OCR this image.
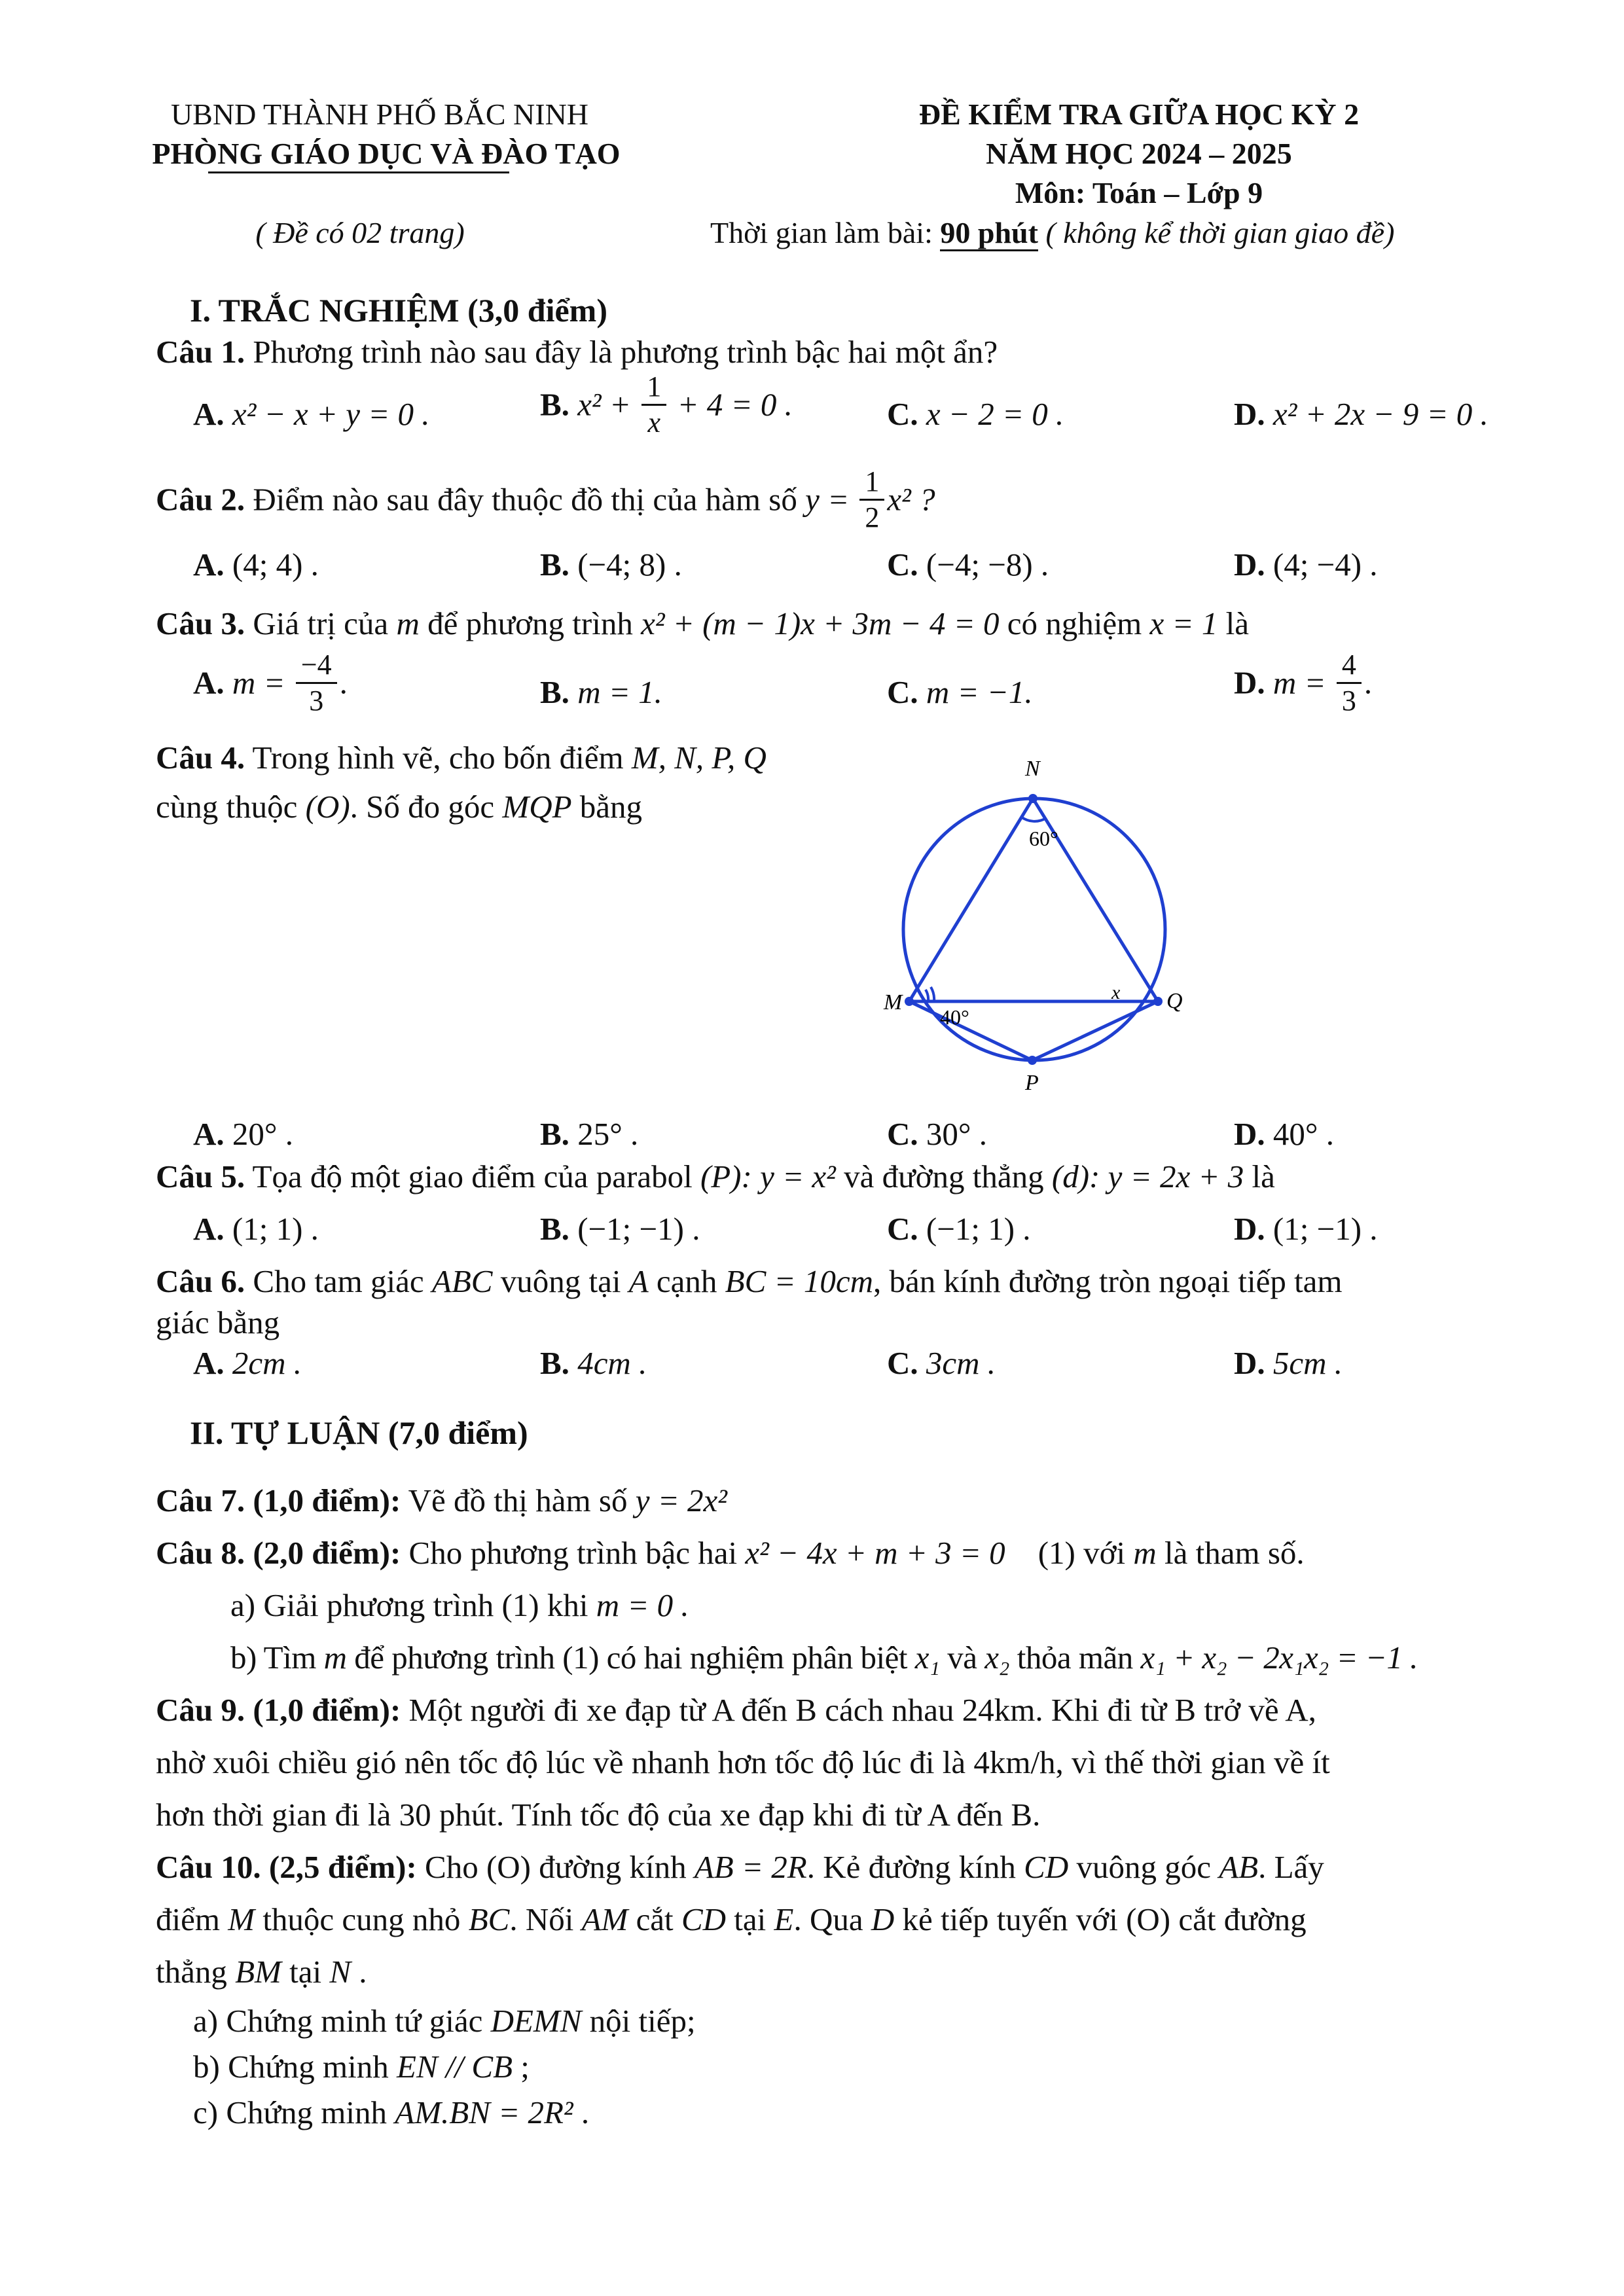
UBND THÀNH PHỐ BẮC NINH
PHÒNG GIÁO DỤC VÀ ĐÀO TẠO
( Đề có 02 trang)
ĐỀ KIỂM TRA GIỮA HỌC KỲ 2
NĂM HỌC 2024 – 2025
Môn: Toán – Lớp 9
Thời gian làm bài: 90 phút ( không kể thời gian giao đề)
I. TRẮC NGHIỆM (3,0 điểm)
Câu 1. Phương trình nào sau đây là phương trình bậc hai một ẩn?
A. x² − x + y = 0 .	B. $x^2 + \frac{1}{x} + 4 = 0$ .	C. x − 2 = 0 .	D. x² + 2x − 9 = 0 .
Câu 2. Điểm nào sau đây thuộc đồ thị của hàm số $y = \frac{1}{2} x^2$ ?
A. (4; 4) .	B. (−4; 8) .	C. (−4; −8) .	D. (4; −4) .
Câu 3. Giá trị của m để phương trình x² + (m − 1)x + 3m − 4 = 0 có nghiệm x = 1 là
A. $m = \frac{-4}{3}$ .	B. m = 1.	C. m = −1.	D. $m = \frac{4}{3}$ .
Câu 4. Trong hình vẽ, cho bốn điểm M, N, P, Q
cùng thuộc (O). Số đo góc MQP bằng
N
M	Q
P
60°
40°
x
A. 20° .	B. 25° .	C. 30° .	D. 40° .
Câu 5. Tọa độ một giao điểm của parabol (P): y = x² và đường thẳng (d): y = 2x + 3 là
A. (1; 1) .	B. (−1; −1) .	C. (−1; 1) .	D. (1; −1) .
Câu 6. Cho tam giác ABC vuông tại A cạnh BC = 10cm, bán kính đường tròn ngoại tiếp tam
giác bằng
A. 2cm .	B. 4cm .	C. 3cm .	D. 5cm .
II. TỰ LUẬN (7,0 điểm)
Câu 7. (1,0 điểm): Vẽ đồ thị hàm số y = 2x²
Câu 8. (2,0 điểm): Cho phương trình bậc hai x² − 4x + m + 3 = 0 (1) với m là tham số.
a) Giải phương trình (1) khi m = 0 .
b) Tìm m để phương trình (1) có hai nghiệm phân biệt x₁ và x₂ thỏa mãn x₁ + x₂ − 2x₁x₂ = −1 .
Câu 9. (1,0 điểm): Một người đi xe đạp từ A đến B cách nhau 24km. Khi đi từ B trở về A,
nhờ xuôi chiều gió nên tốc độ lúc về nhanh hơn tốc độ lúc đi là 4km/h, vì thế thời gian về ít
hơn thời gian đi là 30 phút. Tính tốc độ của xe đạp khi đi từ A đến B.
Câu 10. (2,5 điểm): Cho (O) đường kính AB = 2R. Kẻ đường kính CD vuông góc AB. Lấy
điểm M thuộc cung nhỏ BC. Nối AM cắt CD tại E. Qua D kẻ tiếp tuyến với (O) cắt đường
thẳng BM tại N .
a) Chứng minh tứ giác DEMN nội tiếp;
b) Chứng minh EN // CB ;
c) Chứng minh AM.BN = 2R² .
